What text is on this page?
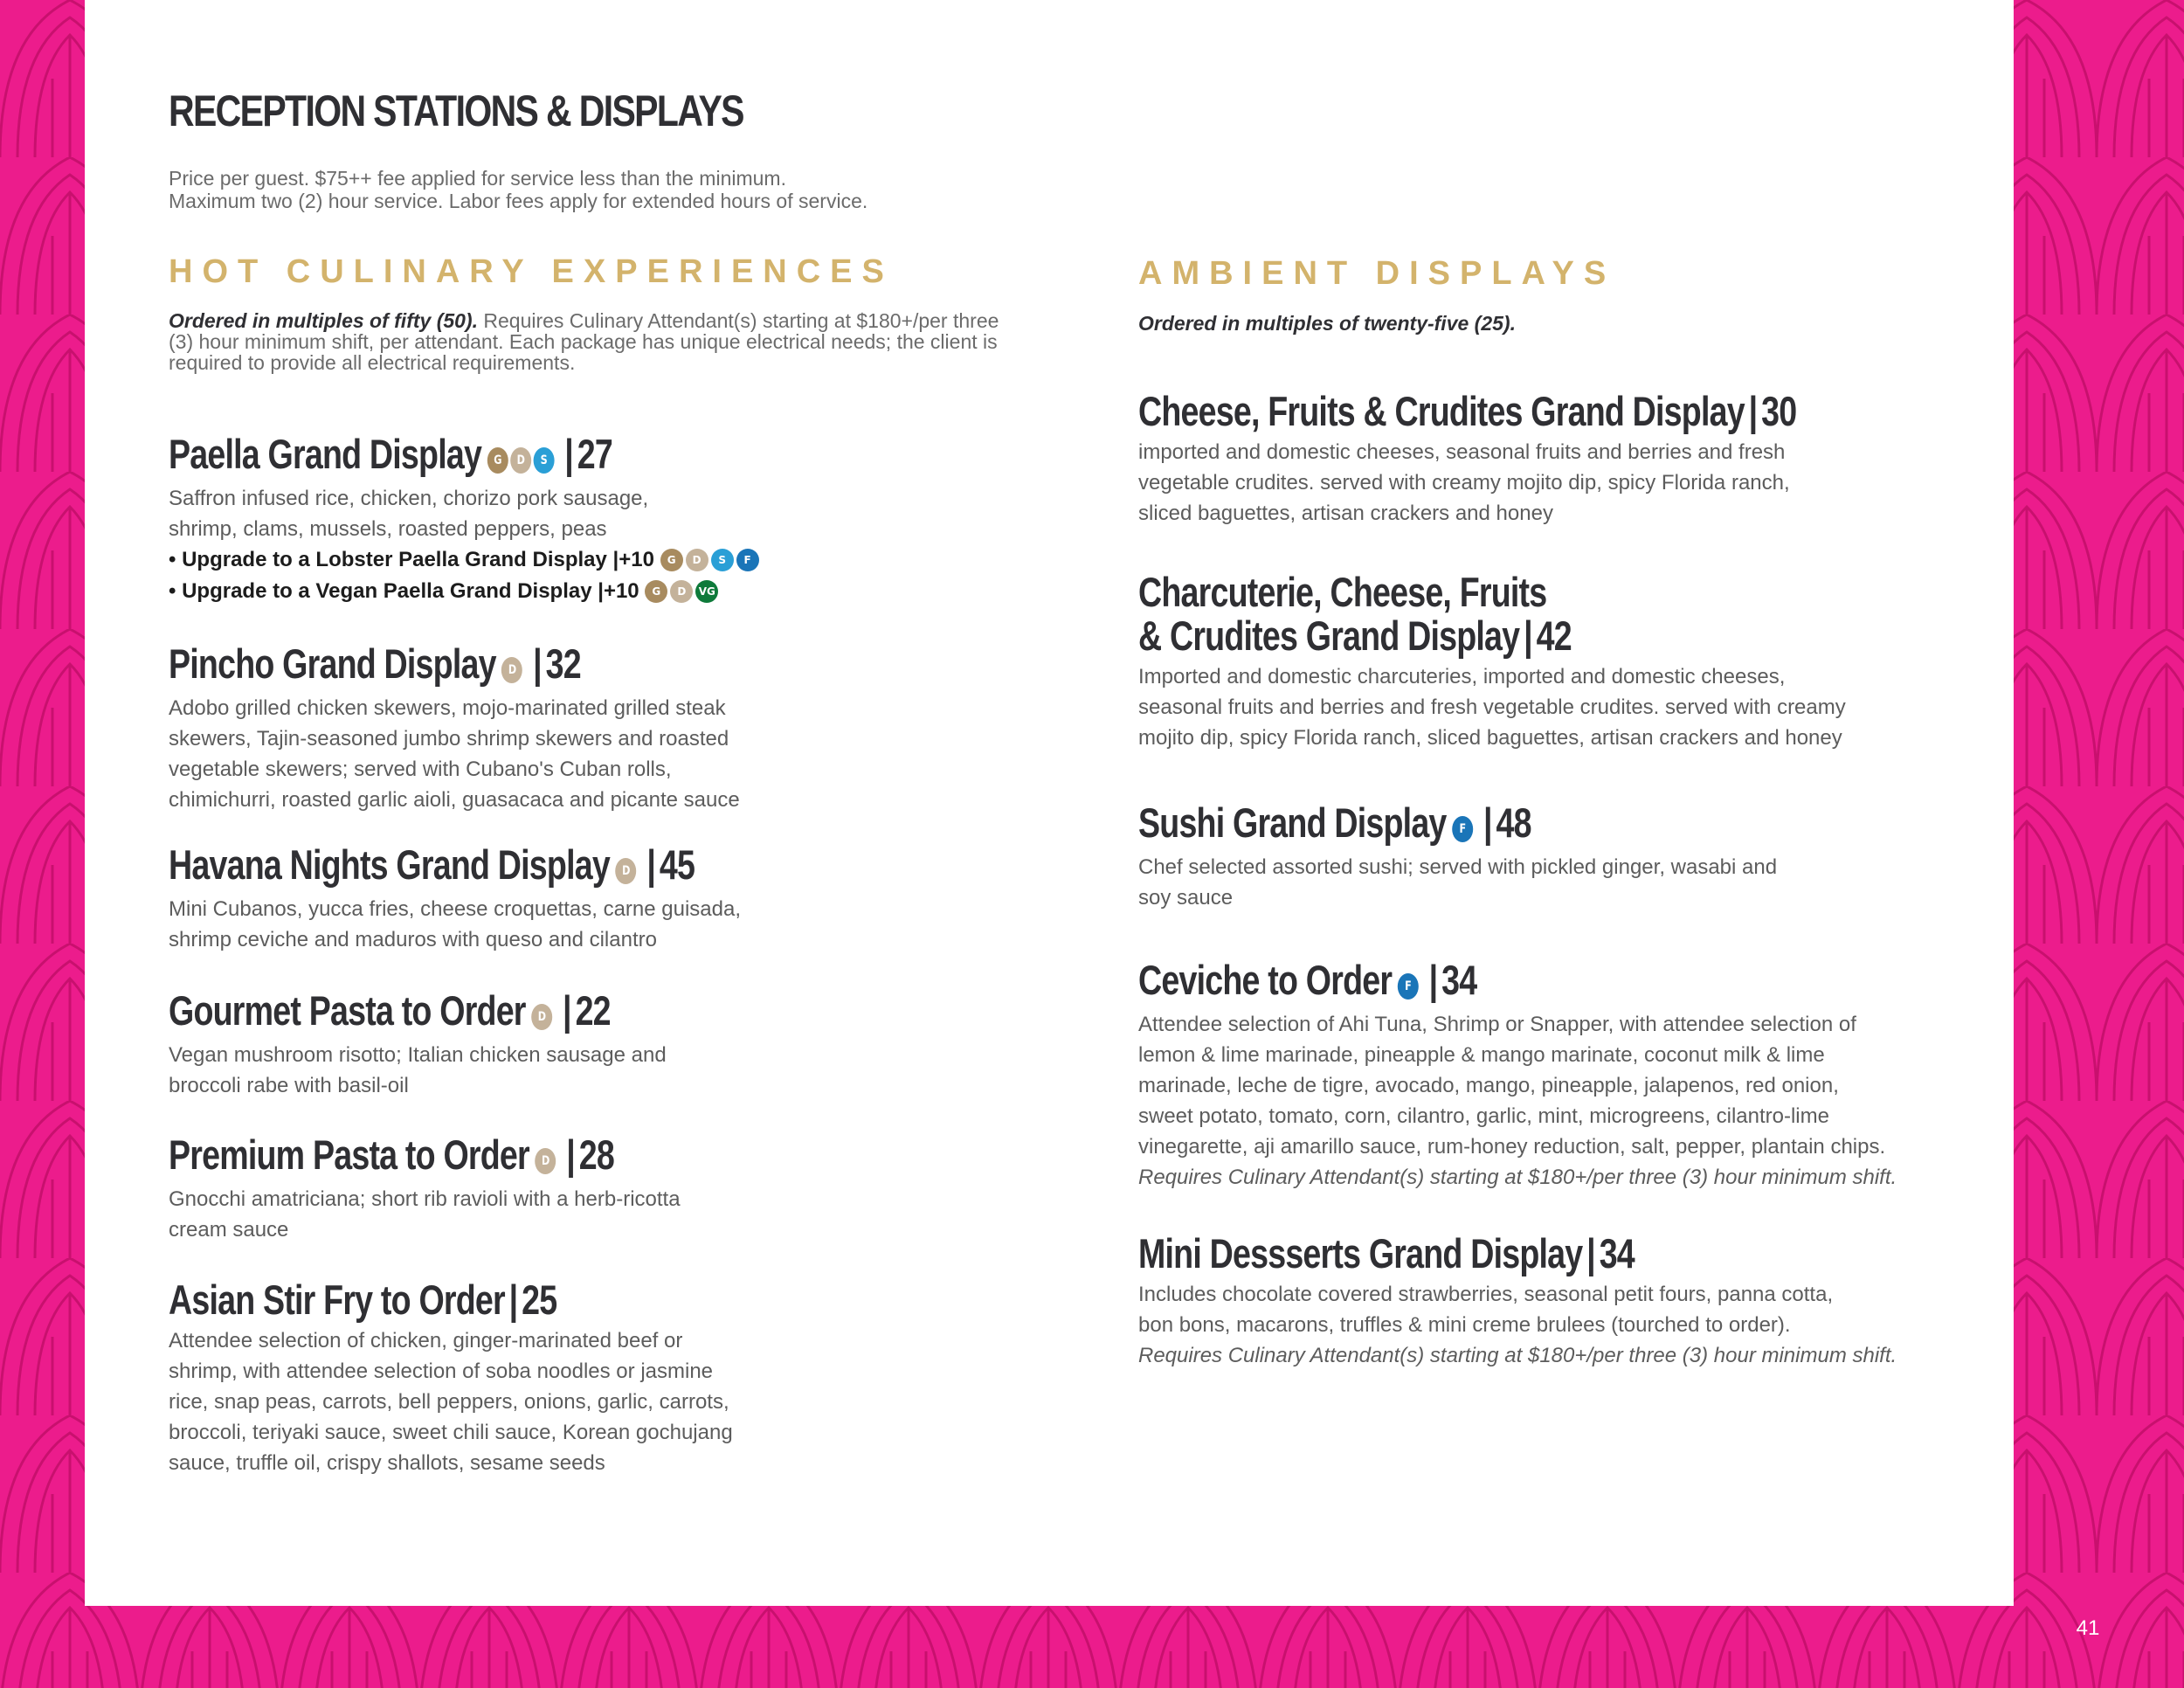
RECEPTION STATIONS & DISPLAYS
Price per guest. $75++ fee applied for service less than the minimum.
Maximum two (2) hour service. Labor fees apply for extended hours of service.
HOT CULINARY EXPERIENCES
Ordered in multiples of fifty (50). Requires Culinary Attendant(s) starting at $180+/per three (3) hour minimum shift, per attendant. Each package has unique electrical needs; the client is required to provide all electrical requirements.
Paella Grand Display G D S | 27

Saffron infused rice, chicken, chorizo pork sausage,
shrimp, clams, mussels, roasted peppers, peas

• Upgrade to a Lobster Paella Grand Display |+10 G D S F
• Upgrade to a Vegan Paella Grand Display |+10 G D VG
Pincho Grand Display D | 32

Adobo grilled chicken skewers, mojo-marinated grilled steak
skewers, Tajin-seasoned jumbo shrimp skewers and roasted
vegetable skewers; served with Cubano's Cuban rolls,
chimichurri, roasted garlic aioli, guasacaca and picante sauce

Havana Nights Grand Display D | 45

Mini Cubanos, yucca fries, cheese croquettas, carne guisada,
shrimp ceviche and maduros with queso and cilantro

Gourmet Pasta to Order D | 22

Vegan mushroom risotto; Italian chicken sausage and
broccoli rabe with basil-oil

Premium Pasta to Order D | 28

Gnocchi amatriciana; short rib ravioli with a herb-ricotta
cream sauce

Asian Stir Fry to Order | 25

Attendee selection of chicken, ginger-marinated beef or
shrimp, with attendee selection of soba noodles or jasmine
rice, snap peas, carrots, bell peppers, onions, garlic, carrots,
broccoli, teriyaki sauce, sweet chili sauce, Korean gochujang
sauce, truffle oil, crispy shallots, sesame seeds

AMBIENT DISPLAYS
Ordered in multiples of twenty-five (25).
Cheese, Fruits & Crudites Grand Display | 30

imported and domestic cheeses, seasonal fruits and berries and fresh
vegetable crudites. served with creamy mojito dip, spicy Florida ranch,
sliced baguettes, artisan crackers and honey

Charcuterie, Cheese, Fruits
& Crudites Grand Display | 42

Imported and domestic charcuteries, imported and domestic cheeses,
seasonal fruits and berries and fresh vegetable crudites. served with creamy
mojito dip, spicy Florida ranch, sliced baguettes, artisan crackers and honey

Sushi Grand Display F | 48

Chef selected assorted sushi; served with pickled ginger, wasabi and
soy sauce

Ceviche to Order F | 34

Attendee selection of Ahi Tuna, Shrimp or Snapper, with attendee selection of
lemon & lime marinade, pineapple & mango marinate, coconut milk & lime
marinade, leche de tigre, avocado, mango, pineapple, jalapenos, red onion,
sweet potato, tomato, corn, cilantro, garlic, mint, microgreens, cilantro-lime
vinegarette, aji amarillo sauce, rum-honey reduction, salt, pepper, plantain chips.

Requires Culinary Attendant(s) starting at $180+/per three (3) hour minimum shift.

Mini Dessserts Grand Display | 34

Includes chocolate covered strawberries, seasonal petit fours, panna cotta,
bon bons, macarons, truffles & mini creme brulees (tourched to order).

Requires Culinary Attendant(s) starting at $180+/per three (3) hour minimum shift.

41
